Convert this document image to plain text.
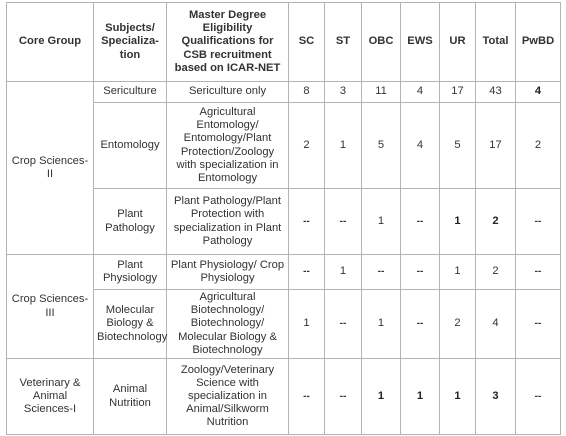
Core Group	Subjects/ Specializa-tion	Master Degree Eligibility Qualifications for CSB recruitment based on ICAR-NET	SC	ST	OBC	EWS	UR	Total	PwBD
Crop Sciences-II	Sericulture	Sericulture only	8	3	11	4	17	43	4
	Entomology	Agricultural Entomology/ Entomology/Plant Protection/Zoology with specialization in Entomology	2	1	5	4	5	17	2
	Plant Pathology	Plant Pathology/Plant Protection with specialization in Plant Pathology	--	--	1	--	1	2	--
Crop Sciences-III	Plant Physiology	Plant Physiology/ Crop Physiology	--	1	--	--	1	2	--
	Molecular Biology & Biotechnology	Agricultural Biotechnology/ Biotechnology/ Molecular Biology & Biotechnology	1	--	1	--	2	4	--
Veterinary & Animal Sciences-I	Animal Nutrition	Zoology/Veterinary Science with specialization in Animal/Silkworm Nutrition	--	--	1	1	1	3	--
